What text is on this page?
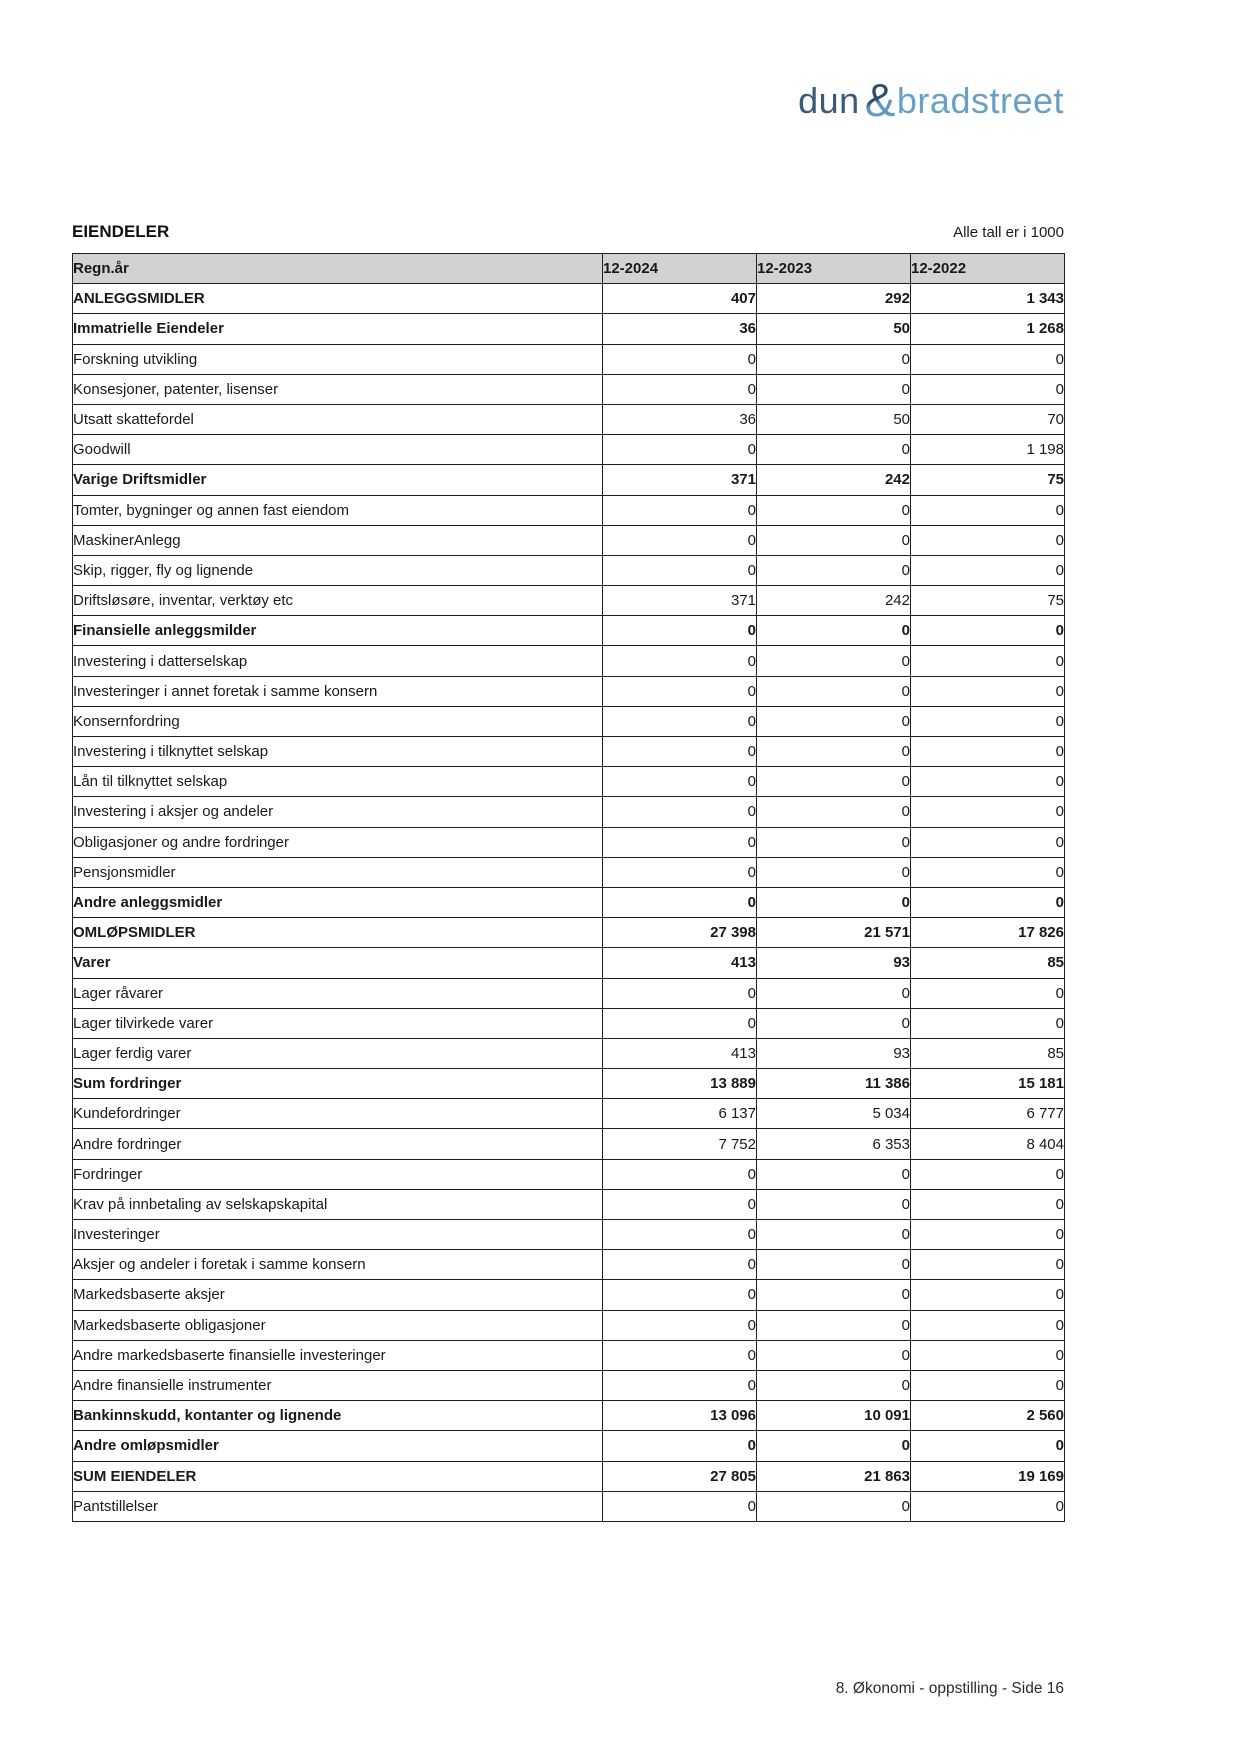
dun &bradstreet
EIENDELER	Alle tall er i 1000
Regn.år	12-2024	12-2023	12-2022
ANLEGGSMIDLER	407	292	1 343
Immatrielle Eiendeler	36	50	1 268
Forskning utvikling	0	0	0
Konsesjoner, patenter, lisenser	0	0	0
Utsatt skattefordel	36	50	70
Goodwill	0	0	1 198
Varige Driftsmidler	371	242	75
Tomter, bygninger og annen fast eiendom	0	0	0
MaskinerAnlegg	0	0	0
Skip, rigger, fly og lignende	0	0	0
Driftsløsøre, inventar, verktøy etc	371	242	75
Finansielle anleggsmilder	0	0	0
Investering i datterselskap	0	0	0
Investeringer i annet foretak i samme konsern	0	0	0
Konsernfordring	0	0	0
Investering i tilknyttet selskap	0	0	0
Lån til tilknyttet selskap	0	0	0
Investering i aksjer og andeler	0	0	0
Obligasjoner og andre fordringer	0	0	0
Pensjonsmidler	0	0	0
Andre anleggsmidler	0	0	0
OMLØPSMIDLER	27 398	21 571	17 826
Varer	413	93	85
Lager råvarer	0	0	0
Lager tilvirkede varer	0	0	0
Lager ferdig varer	413	93	85
Sum fordringer	13 889	11 386	15 181
Kundefordringer	6 137	5 034	6 777
Andre fordringer	7 752	6 353	8 404
Fordringer	0	0	0
Krav på innbetaling av selskapskapital	0	0	0
Investeringer	0	0	0
Aksjer og andeler i foretak i samme konsern	0	0	0
Markedsbaserte aksjer	0	0	0
Markedsbaserte obligasjoner	0	0	0
Andre markedsbaserte finansielle investeringer	0	0	0
Andre finansielle instrumenter	0	0	0
Bankinnskudd, kontanter og lignende	13 096	10 091	2 560
Andre omløpsmidler	0	0	0
SUM EIENDELER	27 805	21 863	19 169
Pantstillelser	0	0	0
8. Økonomi - oppstilling - Side 16
